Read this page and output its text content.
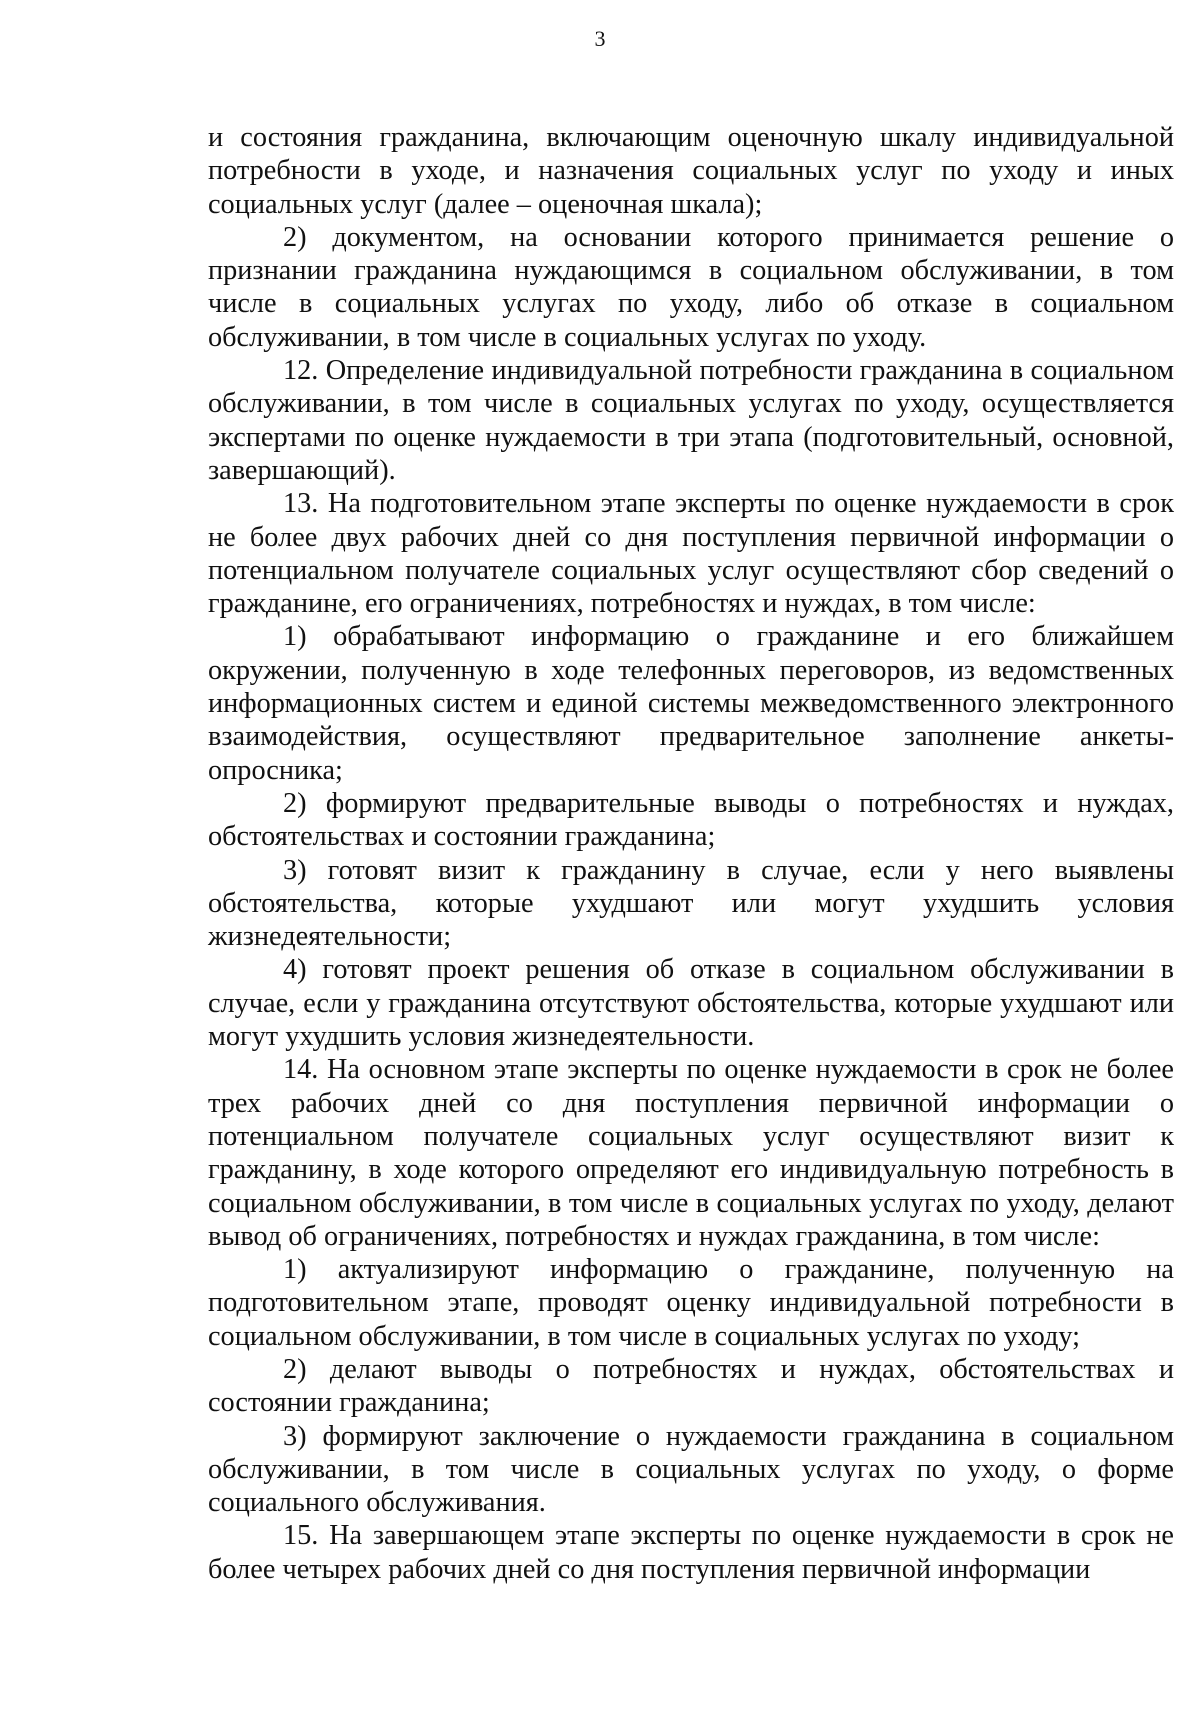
3

и состояния гражданина, включающим оценочную шкалу индивидуальной потребности в уходе, и назначения социальных услуг по уходу и иных социальных услуг (далее – оценочная шкала);

2) документом, на основании которого принимается решение о признании гражданина нуждающимся в социальном обслуживании, в том числе в социальных услугах по уходу, либо об отказе в социальном обслуживании, в том числе в социальных услугах по уходу.

12. Определение индивидуальной потребности гражданина в социальном обслуживании, в том числе в социальных услугах по уходу, осуществляется экспертами по оценке нуждаемости в три этапа (подготовительный, основной, завершающий).

13. На подготовительном этапе эксперты по оценке нуждаемости в срок не более двух рабочих дней со дня поступления первичной информации о потенциальном получателе социальных услуг осуществляют сбор сведений о гражданине, его ограничениях, потребностях и нуждах, в том числе:

1) обрабатывают информацию о гражданине и его ближайшем окружении, полученную в ходе телефонных переговоров, из ведомственных информационных систем и единой системы межведомственного электронного взаимодействия, осуществляют предварительное заполнение анкеты-опросника;

2) формируют предварительные выводы о потребностях и нуждах, обстоятельствах и состоянии гражданина;

3) готовят визит к гражданину в случае, если у него выявлены обстоятельства, которые ухудшают или могут ухудшить условия жизнедеятельности;

4) готовят проект решения об отказе в социальном обслуживании в случае, если у гражданина отсутствуют обстоятельства, которые ухудшают или могут ухудшить условия жизнедеятельности.

14. На основном этапе эксперты по оценке нуждаемости в срок не более трех рабочих дней со дня поступления первичной информации о потенциальном получателе социальных услуг осуществляют визит к гражданину, в ходе которого определяют его индивидуальную потребность в социальном обслуживании, в том числе в социальных услугах по уходу, делают вывод об ограничениях, потребностях и нуждах гражданина, в том числе:

1) актуализируют информацию о гражданине, полученную на подготовительном этапе, проводят оценку индивидуальной потребности в социальном обслуживании, в том числе в социальных услугах по уходу;

2) делают выводы о потребностях и нуждах, обстоятельствах и состоянии гражданина;

3) формируют заключение о нуждаемости гражданина в социальном обслуживании, в том числе в социальных услугах по уходу, о форме социального обслуживания.

15. На завершающем этапе эксперты по оценке нуждаемости в срок не более четырех рабочих дней со дня поступления первичной информации
